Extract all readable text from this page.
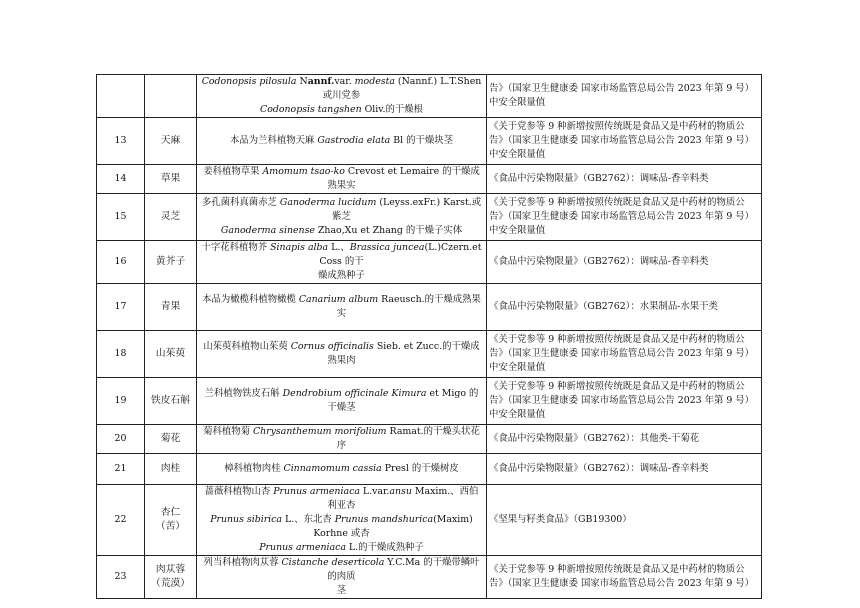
		Codonopsis pilosula Nannf.var. modesta (Nannf.) L.T.Shen 或川党参
Codonopsis tangshen Oliv.的干燥根	告》（国家卫生健康委 国家市场监管总局公告 2023 年第 9 号）
中安全限量值

13	天麻	本品为兰科植物天麻 Gastrodia elata Bl 的干燥块茎	《关于党参等 9 种新增按照传统既是食品又是中药材的物质公
告》（国家卫生健康委 国家市场监管总局公告 2023 年第 9 号）
中安全限量值

14	草果	姜科植物草果 Amomum tsao-ko Crevost et Lemaire 的干燥成熟果实	《食品中污染物限量》（GB2762）：调味品-香辛料类

15	灵芝	多孔菌科真菌赤芝 Ganoderma lucidum (Leyss.exFr.) Karst.或紫芝
Ganoderma sinense Zhao,Xu et Zhang 的干燥子实体	《关于党参等 9 种新增按照传统既是食品又是中药材的物质公
告》（国家卫生健康委 国家市场监管总局公告 2023 年第 9 号）
中安全限量值

16	黄芥子	十字花科植物芥 Sinapis alba L.、Brassica juncea(L.)Czern.et Coss 的干
燥成熟种子	《食品中污染物限量》（GB2762）：调味品-香辛料类

17	青果	本品为橄榄科植物橄榄 Canarium album Raeusch.的干燥成熟果实	《食品中污染物限量》（GB2762）：水果制品-水果干类

18	山茱萸	山茱萸科植物山茱萸 Cornus officinalis Sieb. et Zucc.的干燥成熟果肉	《关于党参等 9 种新增按照传统既是食品又是中药材的物质公
告》（国家卫生健康委 国家市场监管总局公告 2023 年第 9 号）
中安全限量值

19	铁皮石斛	兰科植物铁皮石斛 Dendrobium officinale Kimura et Migo 的干燥茎	《关于党参等 9 种新增按照传统既是食品又是中药材的物质公
告》（国家卫生健康委 国家市场监管总局公告 2023 年第 9 号）
中安全限量值

20	菊花	菊科植物菊 Chrysanthemum morifolium Ramat.的干燥头状花序	《食品中污染物限量》（GB2762）：其他类-干菊花

21	肉桂	樟科植物肉桂 Cinnamomum cassia Presl 的干燥树皮	《食品中污染物限量》（GB2762）：调味品-香辛料类

22	杏仁
（苦）	蔷薇科植物山杏 Prunus armeniaca L.var.ansu Maxim.、西伯利亚杏
Prunus sibirica L.、东北杏 Prunus mandshurica(Maxim) Korhne 或杏
Prunus armeniaca L.的干燥成熟种子	《坚果与籽类食品》（GB19300）

23	肉苁蓉
（荒漠）	列当科植物肉苁蓉 Cistanche deserticola Y.C.Ma 的干燥带鳞叶的肉质
茎	《关于党参等 9 种新增按照传统既是食品又是中药材的物质公
告》（国家卫生健康委 国家市场监管总局公告 2023 年第 9 号）
